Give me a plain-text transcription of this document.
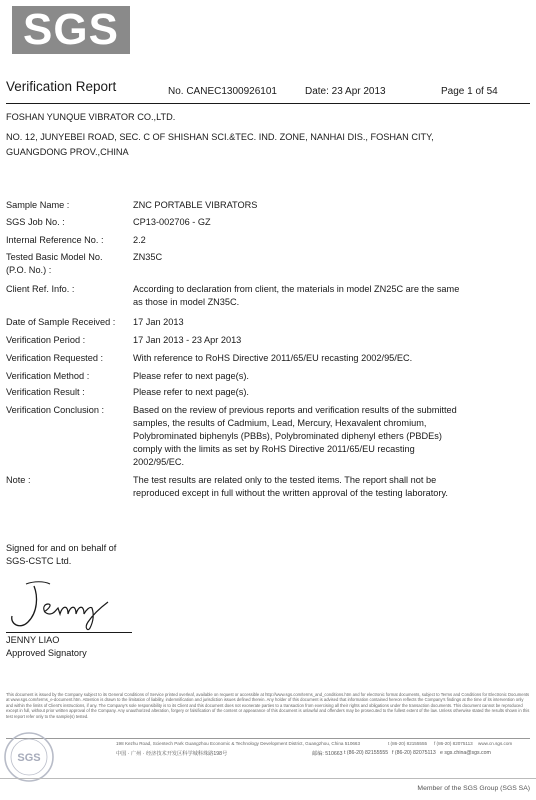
SGS
Verification Report	No. CANEC1300926101	Date: 23 Apr 2013	Page 1 of 54
FOSHAN YUNQUE VIBRATOR CO.,LTD.
NO. 12, JUNYEBEI ROAD, SEC. C OF SHISHAN SCI.&TEC. IND. ZONE, NANHAI DIS., FOSHAN CITY,
GUANGDONG PROV.,CHINA
Sample Name :	ZNC PORTABLE VIBRATORS
SGS Job No. :	CP13-002706 - GZ
Internal Reference No. :	2.2
Tested Basic Model No.
(P.O. No.) :
ZN35C
Client Ref. Info. :	According to declaration from client, the materials in model ZN25C are the same
as those in model ZN35C.
Date of Sample Received :	17 Jan 2013
Verification Period :	17 Jan 2013 - 23 Apr 2013
Verification Requested :	With reference to RoHS Directive 2011/65/EU recasting 2002/95/EC.
Verification Method :	Please refer to next page(s).
Verification Result :	Please refer to next page(s).
Verification Conclusion :	Based on the review of previous reports and verification results of the submitted
samples, the results of Cadmium, Lead, Mercury, Hexavalent chromium,
Polybrominated biphenyls (PBBs), Polybrominated diphenyl ethers (PBDEs)
comply with the limits as set by RoHS Directive 2011/65/EU recasting
2002/95/EC.
Note :	The test results are related only to the tested items. The report shall not be
reproduced except in full without the written approval of the testing laboratory.
Signed for and on behalf of
SGS-CSTC Ltd.
JENNY LIAO
Approved Signatory
This document is issued by the Company subject to its General Conditions of Service printed overleaf, available on request or accessible at http://www.sgs.com/terms_and_conditions.htm and for electronic format documents, subject to Terms and Conditions for Electronic Documents at www.sgs.com/terms_e-document.htm. Attention is drawn to the limitation of liability, indemnification and jurisdiction issues defined therein. Any holder of this document is advised that information contained hereon reflects the Company's findings at the time of its intervention only and within the limits of Client's instructions, if any. The Company's sole responsibility is to its Client and this document does not exonerate parties to a transaction from exercising all their rights and obligations under the transaction documents. This document cannot be reproduced except in full, without prior written approval of the Company. Any unauthorized alteration, forgery or falsification of the content or appearance of this document is unlawful and offenders may be prosecuted to the fullest extent of the law. Unless otherwise stated the results shown in this test report refer only to the sample(s) tested.
198 Kezhu Road, Scientech Park Guangzhou Economic & Technology Development District, Guangzhou, China 510663	t (86-20) 82155555 f (86-20) 82075113 www.cn.sgs.com
中国 · 广州 · 经济技术开发区科学城科珠路198号	邮编: 510663 t (86-20) 82155555 f (86-20) 82075113 e sgs.china@sgs.com
SGS
Member of the SGS Group (SGS SA)
